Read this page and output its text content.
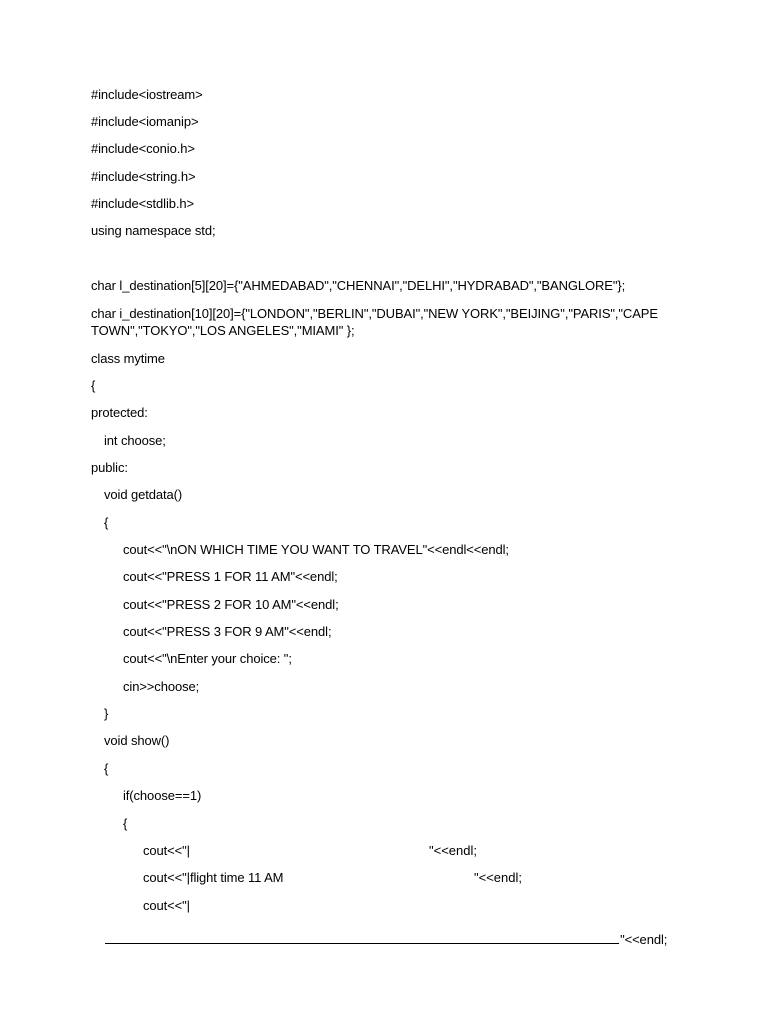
#include<iostream>
#include<iomanip>
#include<conio.h>
#include<string.h>
#include<stdlib.h>
using namespace std;
char l_destination[5][20]={"AHMEDABAD","CHENNAI","DELHI","HYDRABAD","BANGLORE"};
char i_destination[10][20]={"LONDON","BERLIN","DUBAI","NEW YORK","BEIJING","PARIS","CAPE TOWN","TOKYO","LOS ANGELES","MIAMI" };
class mytime
{
protected:
int choose;
public:
void getdata()
{
cout<<"\nON WHICH TIME YOU WANT TO TRAVEL"<<endl<<endl;
cout<<"PRESS 1 FOR 11 AM"<<endl;
cout<<"PRESS 2 FOR 10 AM"<<endl;
cout<<"PRESS 3 FOR 9 AM"<<endl;
cout<<"\nEnter your choice: ";
cin>>choose;
}
void show()
{
if(choose==1)
{
cout<<"|	"<<endl;
cout<<"|flight time 11 AM	"<<endl;
cout<<"|

"<<endl;
